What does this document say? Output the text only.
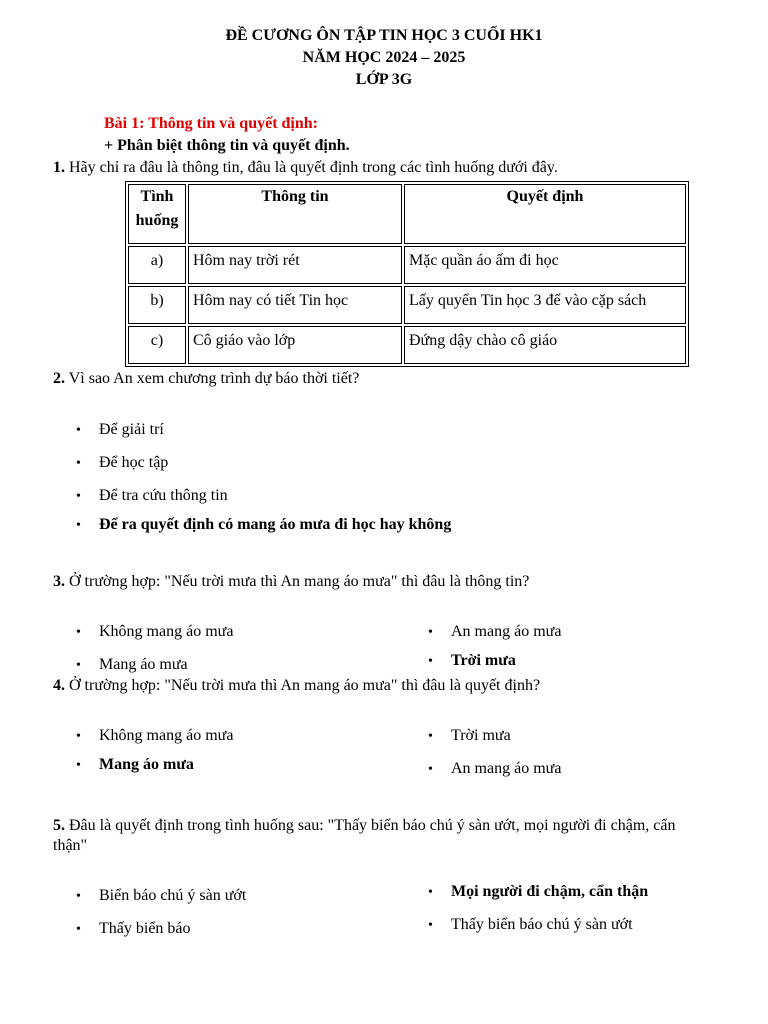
ĐỀ CƯƠNG ÔN TẬP TIN HỌC 3 CUỐI HK1
NĂM HỌC 2024 – 2025
LỚP 3G
Bài 1: Thông tin và quyết định:
+ Phân biệt thông tin và quyết định.
1. Hãy chỉ ra đâu là thông tin, đâu là quyết định trong các tình huống dưới đây.
Tình huống	Thông tin	Quyết định
a)	Hôm nay trời rét	Mặc quần áo ấm đi học
b)	Hôm nay có tiết Tin học	Lấy quyển Tin học 3 để vào cặp sách
c)	Cô giáo vào lớp	Đứng dậy chào cô giáo
2. Vì sao An xem chương trình dự báo thời tiết?
• Để giải trí
• Để học tập
• Để tra cứu thông tin
• Để ra quyết định có mang áo mưa đi học hay không
3. Ở trường hợp: "Nếu trời mưa thì An mang áo mưa" thì đâu là thông tin?
• Không mang áo mưa
• Mang áo mưa
• An mang áo mưa
• Trời mưa
4. Ở trường hợp: "Nếu trời mưa thì An mang áo mưa" thì đâu là quyết định?
• Không mang áo mưa
• Mang áo mưa
• Trời mưa
• An mang áo mưa
5. Đâu là quyết định trong tình huống sau: "Thấy biển báo chú ý sàn ướt, mọi người đi chậm, cẩn
thận"
• Biển báo chú ý sàn ướt
• Thấy biển báo
• Mọi người đi chậm, cẩn thận
• Thấy biển báo chú ý sàn ướt
